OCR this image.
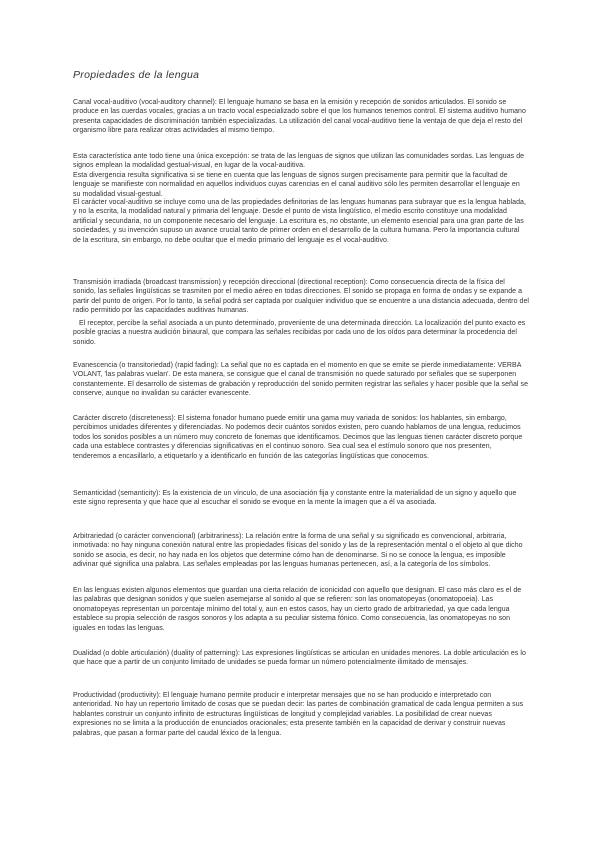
Propiedades de la lengua

Canal vocal-auditivo (vocal-auditory channel): El lenguaje humano se basa en la emisión y recepción de sonidos articulados. El sonido se produce en las cuerdas vocales, gracias a un tracto vocal especializado sobre el que los humanos tenemos control. El sistema auditivo humano presenta capacidades de discriminación también especializadas. La utilización del canal vocal-auditivo tiene la ventaja de que deja el resto del organismo libre para realizar otras actividades al mismo tiempo.

Esta característica ante todo tiene una única excepción: se trata de las lenguas de signos que utilizan las comunidades sordas. Las lenguas de signos emplean la modalidad gestual-visual, en lugar de la vocal-auditiva.

Esta divergencia resulta significativa si se tiene en cuenta que las lenguas de signos surgen precisamente para permitir que la facultad de lenguaje se manifieste con normalidad en aquellos individuos cuyas carencias en el canal auditivo sólo les permiten desarrollar el lenguaje en su modalidad visual-gestual.

El carácter vocal-auditivo se incluye como una de las propiedades definitorias de las lenguas humanas para subrayar que es la lengua hablada, y no la escrita, la modalidad natural y primaria del lenguaje. Desde el punto de vista lingüístico, el medio escrito constituye una modalidad artificial y secundaria, no un componente necesario del lenguaje. La escritura es, no obstante, un elemento esencial para una gran parte de las sociedades, y su invención supuso un avance crucial tanto de primer orden en el desarrollo de la cultura humana. Pero la importancia cultural de la escritura, sin embargo, no debe ocultar que el medio primario del lenguaje es el vocal-auditivo.

Transmisión irradiada (broadcast transmission) y recepción direccional (directional reception): Como consecuencia directa de la física del sonido, las señales lingüísticas se trasmiten por el medio aéreo en todas direcciones. El sonido se propaga en forma de ondas y se expande a partir del punto de origen. Por lo tanto, la señal podrá ser captada por cualquier individuo que se encuentre a una distancia adecuada, dentro del radio permitido por las capacidades auditivas humanas.

El receptor, percibe la señal asociada a un punto determinado, proveniente de una determinada dirección. La localización del punto exacto es posible gracias a nuestra audición binaural, que compara las señales recibidas por cada uno de los oídos para determinar la procedencia del sonido.

Evanescencia (o transitoriedad) (rapid fading): La señal que no es captada en el momento en que se emite se pierde inmediatamente: VERBA VOLANT, 'las palabras vuelan'. De esta manera, se consigue que el canal de transmisión no quede saturado por señales que se superponen constantemente. El desarrollo de sistemas de grabación y reproducción del sonido permiten registrar las señales y hacer posible que la señal se conserve, aunque no invalidan su carácter evanescente.

Carácter discreto (discreteness): El sistema fonador humano puede emitir una gama muy variada de sonidos: los hablantes, sin embargo, percibimos unidades diferentes y diferenciadas. No podemos decir cuántos sonidos existen, pero cuando hablamos de una lengua, reducimos todos los sonidos posibles a un número muy concreto de fonemas que identificamos. Decimos que las lenguas tienen carácter discreto porque cada una establece contrastes y diferencias significativas en el continuo sonoro. Sea cual sea el estímulo sonoro que nos presenten, tenderemos a encasillarlo, a etiquetarlo y a identificarlo en función de las categorías lingüísticas que conocemos.

Semanticidad (semanticity): Es la existencia de un vínculo, de una asociación fija y constante entre la materialidad de un signo y aquello que este signo representa y que hace que al escuchar el sonido se evoque en la mente la imagen que a él va asociada.

Arbitrariedad (o carácter convencional) (arbitrariness): La relación entre la forma de una señal y su significado es convencional, arbitraria, inmotivada: no hay ninguna conexión natural entre las propiedades físicas del sonido y las de la representación mental o el objeto al que dicho sonido se asocia, es decir, no hay nada en los objetos que determine cómo han de denominarse. Si no se conoce la lengua, es imposible adivinar qué significa una palabra. Las señales empleadas por las lenguas humanas pertenecen, así, a la categoría de los símbolos.

En las lenguas existen algunos elementos que guardan una cierta relación de iconicidad con aquello que designan. El caso más claro es el de las palabras que designan sonidos y que suelen asemejarse al sonido al que se refieren: son las onomatopeyas (onomatopoeia). Las onomatopeyas representan un porcentaje mínimo del total y, aun en estos casos, hay un cierto grado de arbitrariedad, ya que cada lengua establece su propia selección de rasgos sonoros y los adapta a su peculiar sistema fónico. Como consecuencia, las onomatopeyas no son iguales en todas las lenguas.

Dualidad (o doble articulación) (duality of patterning): Las expresiones lingüísticas se articulan en unidades menores. La doble articulación es lo que hace que a partir de un conjunto limitado de unidades se pueda formar un número potencialmente ilimitado de mensajes.

Productividad (productivity): El lenguaje humano permite producir e interpretar mensajes que no se han producido e interpretado con anterioridad. No hay un repertorio limitado de cosas que se puedan decir: las partes de combinación gramatical de cada lengua permiten a sus hablantes construir un conjunto infinito de estructuras lingüísticas de longitud y complejidad variables. La posibilidad de crear nuevas expresiones no se limita a la producción de enunciados oracionales; esta presente también en la capacidad de derivar y construir nuevas palabras, que pasan a formar parte del caudal léxico de la lengua.
